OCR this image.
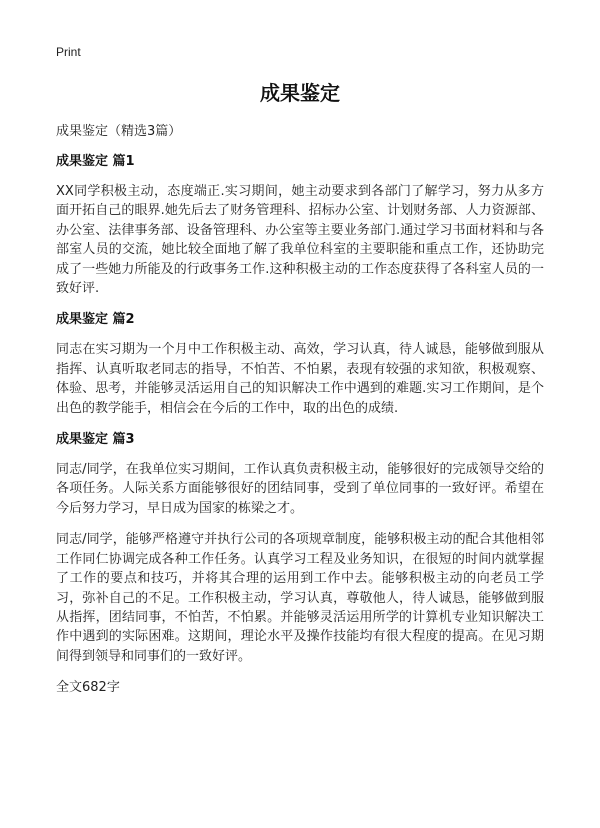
Print
成果鉴定
成果鉴定（精选3篇）
成果鉴定 篇1

XX同学积极主动，态度端正.实习期间，她主动要求到各部门了解学习，努力从多方面开拓自己的眼界.她先后去了财务管理科、招标办公室、计划财务部、人力资源部、办公室、法律事务部、设备管理科、办公室等主要业务部门.通过学习书面材料和与各部室人员的交流，她比较全面地了解了我单位科室的主要职能和重点工作，还协助完成了一些她力所能及的行政事务工作.这种积极主动的工作态度获得了各科室人员的一致好评.

成果鉴定 篇2

同志在实习期为一个月中工作积极主动、高效，学习认真，待人诚恳，能够做到服从指挥、认真听取老同志的指导，不怕苦、不怕累，表现有较强的求知欲，积极观察、体验、思考，并能够灵活运用自己的知识解决工作中遇到的难题.实习工作期间，是个出色的教学能手，相信会在今后的工作中，取的出色的成绩.

成果鉴定 篇3

同志/同学，在我单位实习期间，工作认真负责积极主动，能够很好的完成领导交给的各项任务。人际关系方面能够很好的团结同事，受到了单位同事的一致好评。希望在今后努力学习，早日成为国家的栋梁之才。

同志/同学，能够严格遵守并执行公司的各项规章制度，能够积极主动的配合其他相邻工作同仁协调完成各种工作任务。认真学习工程及业务知识，在很短的时间内就掌握了工作的要点和技巧，并将其合理的运用到工作中去。能够积极主动的向老员工学习，弥补自己的不足。工作积极主动，学习认真，尊敬他人，待人诚恳，能够做到服从指挥，团结同事，不怕苦，不怕累。并能够灵活运用所学的计算机专业知识解决工作中遇到的实际困难。这期间，理论水平及操作技能均有很大程度的提高。在见习期间得到领导和同事们的一致好评。

全文682字
